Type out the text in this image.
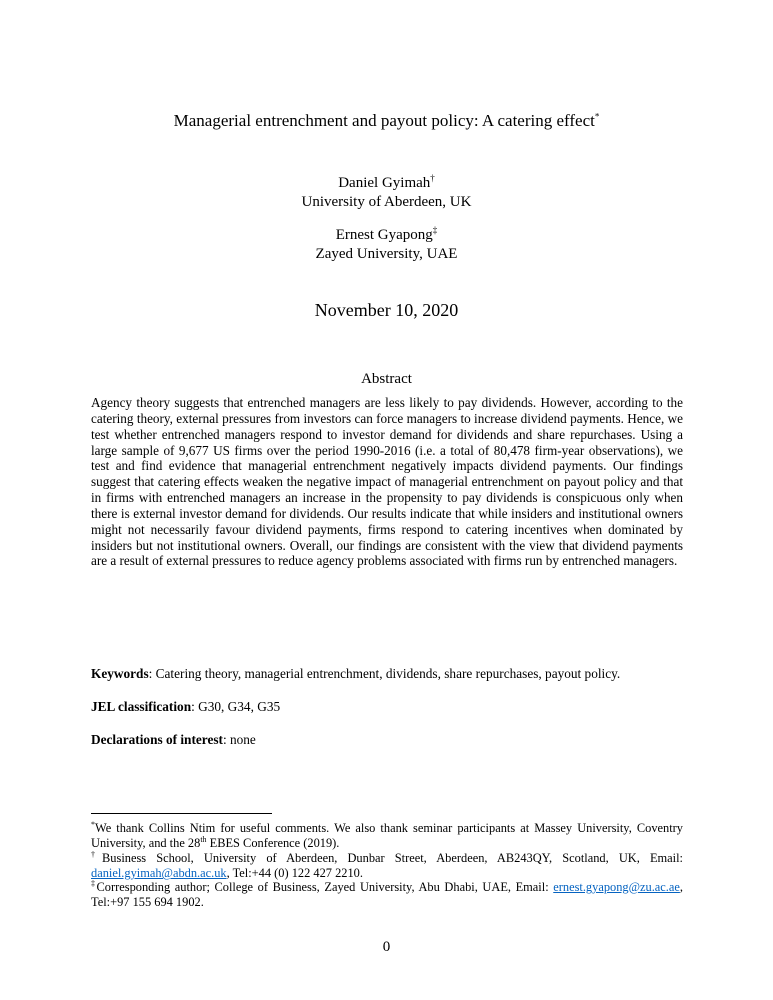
Managerial entrenchment and payout policy: A catering effect*
Daniel Gyimah†
University of Aberdeen, UK
Ernest Gyapong‡
Zayed University, UAE
November 10, 2020
Abstract
Agency theory suggests that entrenched managers are less likely to pay dividends. However, according to the catering theory, external pressures from investors can force managers to increase dividend payments. Hence, we test whether entrenched managers respond to investor demand for dividends and share repurchases. Using a large sample of 9,677 US firms over the period 1990-2016 (i.e. a total of 80,478 firm-year observations), we test and find evidence that managerial entrenchment negatively impacts dividend payments. Our findings suggest that catering effects weaken the negative impact of managerial entrenchment on payout policy and that in firms with entrenched managers an increase in the propensity to pay dividends is conspicuous only when there is external investor demand for dividends. Our results indicate that while insiders and institutional owners might not necessarily favour dividend payments, firms respond to catering incentives when dominated by insiders but not institutional owners. Overall, our findings are consistent with the view that dividend payments are a result of external pressures to reduce agency problems associated with firms run by entrenched managers.
Keywords: Catering theory, managerial entrenchment, dividends, share repurchases, payout policy.
JEL classification: G30, G34, G35
Declarations of interest: none
*We thank Collins Ntim for useful comments. We also thank seminar participants at Massey University, Coventry University, and the 28th EBES Conference (2019).
†Business School, University of Aberdeen, Dunbar Street, Aberdeen, AB243QY, Scotland, UK, Email: daniel.gyimah@abdn.ac.uk, Tel:+44 (0) 122 427 2210.
‡Corresponding author; College of Business, Zayed University, Abu Dhabi, UAE, Email: ernest.gyapong@zu.ac.ae, Tel:+97 155 694 1902.
0
